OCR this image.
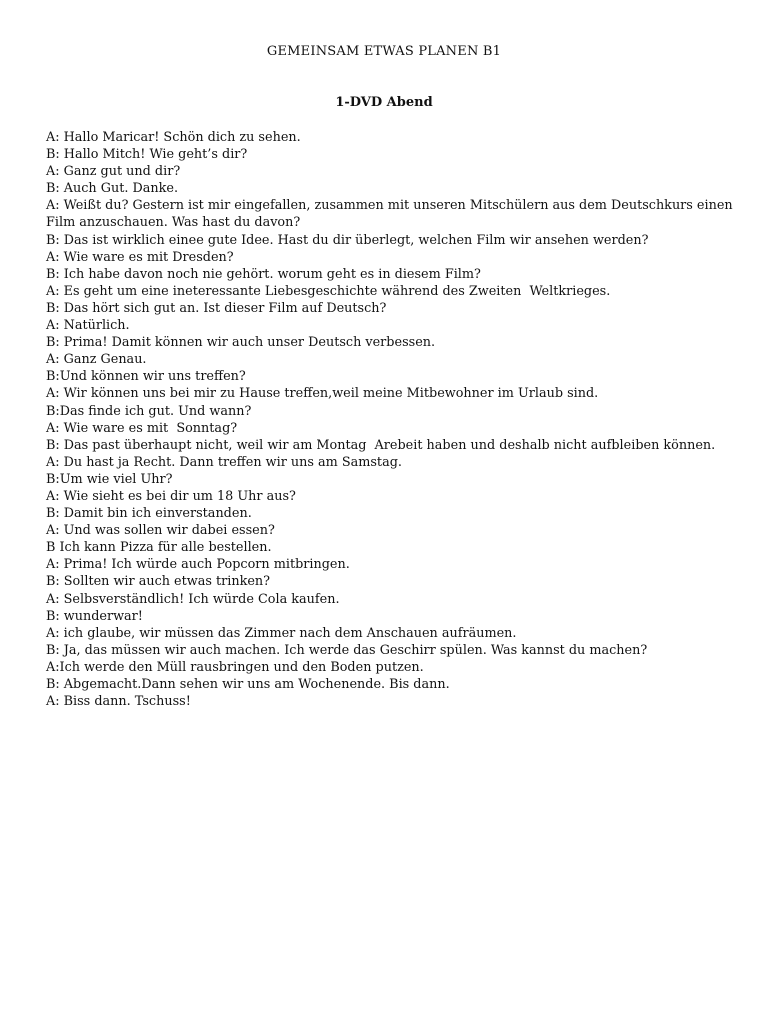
GEMEINSAM ETWAS PLANEN B1
1-DVD Abend
A: Hallo Maricar! Schön dich zu sehen.
B: Hallo Mitch! Wie geht’s dir?
A: Ganz gut und dir?
B: Auch Gut. Danke.
A: Weißt du? Gestern ist mir eingefallen, zusammen mit unseren Mitschülern aus dem Deutschkurs einen Film anzuschauen. Was hast du davon?
B: Das ist wirklich einee gute Idee. Hast du dir überlegt, welchen Film wir ansehen werden?
A: Wie ware es mit Dresden?
B: Ich habe davon noch nie gehört. worum geht es in diesem Film?
A: Es geht um eine ineteressante Liebesgeschichte während des Zweiten  Weltkrieges.
B: Das hört sich gut an. Ist dieser Film auf Deutsch?
A: Natürlich.
B: Prima! Damit können wir auch unser Deutsch verbessen.
A: Ganz Genau.
B:Und können wir uns treffen?
A: Wir können uns bei mir zu Hause treffen,weil meine Mitbewohner im Urlaub sind.
B:Das finde ich gut. Und wann?
A: Wie ware es mit  Sonntag?
B: Das past überhaupt nicht, weil wir am Montag  Arebeit haben und deshalb nicht aufbleiben können.
A: Du hast ja Recht. Dann treffen wir uns am Samstag.
B:Um wie viel Uhr?
A: Wie sieht es bei dir um 18 Uhr aus?
B: Damit bin ich einverstanden.
A: Und was sollen wir dabei essen?
B Ich kann Pizza für alle bestellen.
A: Prima! Ich würde auch Popcorn mitbringen.
B: Sollten wir auch etwas trinken?
A: Selbsverständlich! Ich würde Cola kaufen.
B: wunderwar!
A: ich glaube, wir müssen das Zimmer nach dem Anschauen aufräumen.
B: Ja, das müssen wir auch machen. Ich werde das Geschirr spülen. Was kannst du machen?
A:Ich werde den Müll rausbringen und den Boden putzen.
B: Abgemacht.Dann sehen wir uns am Wochenende. Bis dann.
A: Biss dann. Tschuss!
